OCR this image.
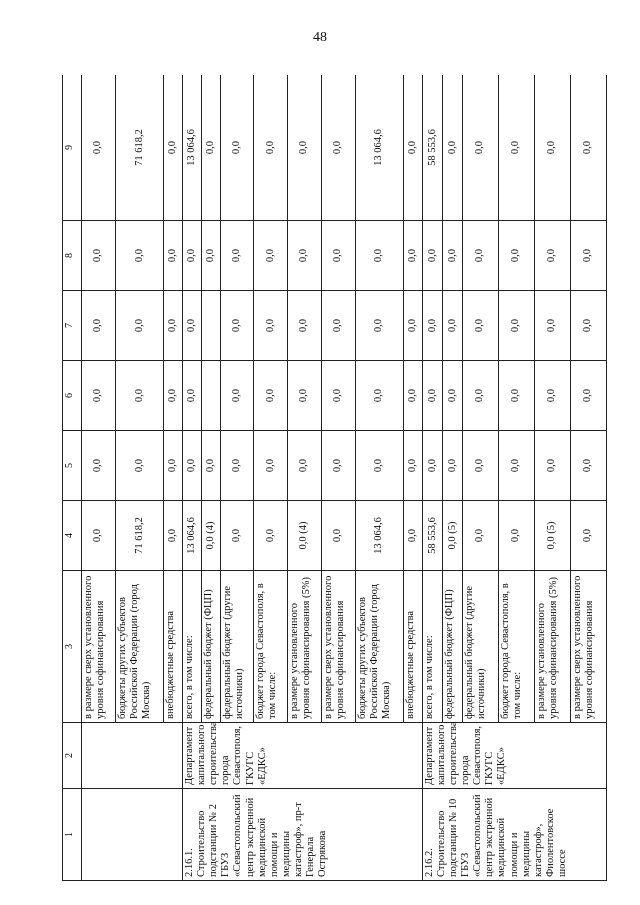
48
1	2	3	4	5	6	7	8	9
		в размере сверх установленного уровня софинансирования	0,0	0,0	0,0	0,0	0,0	0,0
		бюджеты других субъектов Российской Федерации (город Москва)	71 618,2	0,0	0,0	0,0	0,0	71 618,2
		внебюджетные средства	0,0	0,0	0,0	0,0	0,0	0,0
2.16.1. Строительство подстанции № 2 ГБУЗ «Севастопольский центр экстренной медицинской помощи и медицины катастроф», пр-т Генерала Острякова	Департамент капитального строительства города Севастополя, ГКУГС «ЕДКС»	всего, в том числе:	13 064,6	0,0	0,0	0,0	0,0	13 064,6
		федеральный бюджет (ФЦП)	0,0 (4)	0,0			0,0	0,0
		федеральный бюджет (другие источники)	0,0	0,0	0,0	0,0	0,0	0,0
		бюджет города Севастополя, в том числе:	0,0	0,0	0,0	0,0	0,0	0,0
		в размере установленного уровня софинансирования (5%)	0,0 (4)	0,0	0,0	0,0	0,0	0,0
		в размере сверх установленного уровня софинансирования	0,0	0,0	0,0	0,0	0,0	0,0
		бюджеты других субъектов Российской Федерации (город Москва)	13 064,6	0,0	0,0	0,0	0,0	13 064,6
		внебюджетные средства	0,0	0,0	0,0	0,0	0,0	0,0
2.16.2. Строительство подстанции № 10 ГБУЗ «Севастопольский центр экстренной медицинской помощи и медицины катастроф», Фиолентовское шоссе	Департамент капитального строительства города Севастополя, ГКУГС «ЕДКС»	всего, в том числе:	58 553,6	0,0	0,0	0,0	0,0	58 553,6
		федеральный бюджет (ФЦП)	0,0 (5)	0,0	0,0	0,0	0,0	0,0
		федеральный бюджет (другие источники)	0,0	0,0	0,0	0,0	0,0	0,0
		бюджет города Севастополя, в том числе:	0,0	0,0	0,0	0,0	0,0	0,0
		в размере установленного уровня софинансирования (5%)	0,0 (5)	0,0	0,0	0,0	0,0	0,0
		в размере сверх установленного уровня софинансирования	0,0	0,0	0,0	0,0	0,0	0,0
